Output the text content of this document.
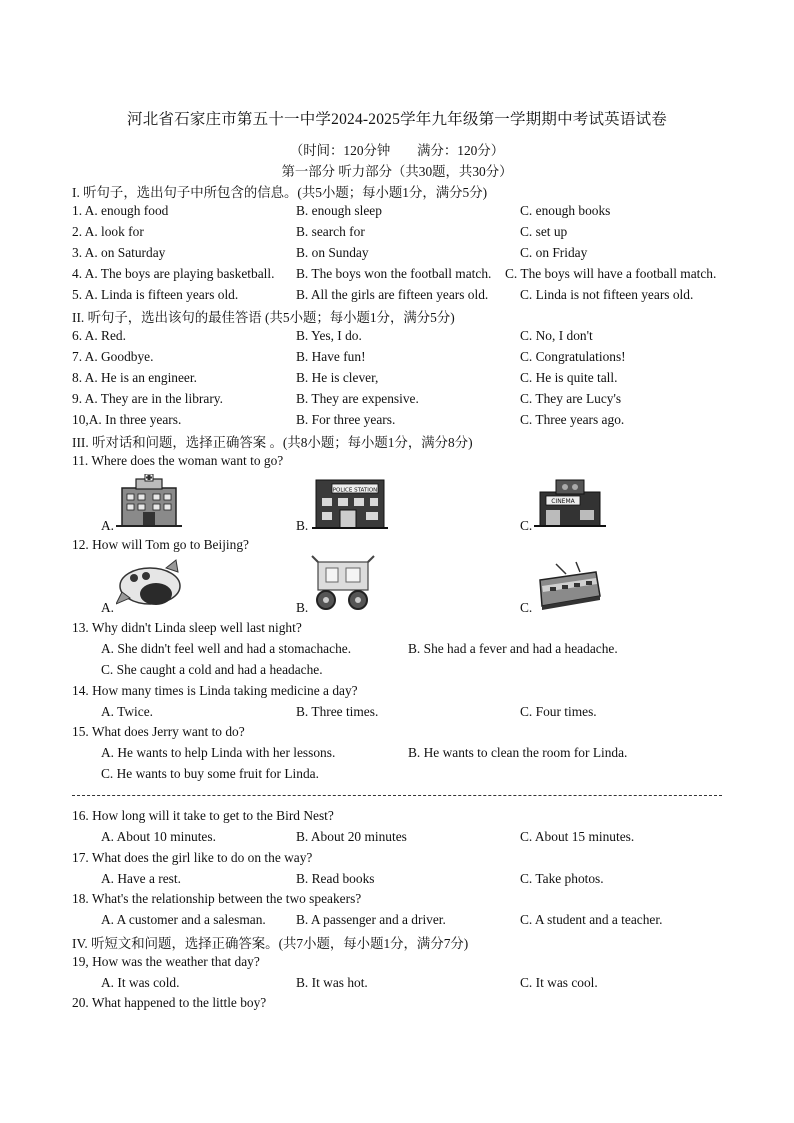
河北省石家庄市第五十一中学2024-2025学年九年级第一学期期中考试英语试卷
（时间：120分钟　　满分：120分）
第一部分 听力部分（共30题，共30分）
I. 听句子，选出句子中所包含的信息。(共5小题；每小题1分，满分5分)
1. A. enough food	B. enough sleep	C. enough books
2. A. look for	B. search for	C. set up
3. A. on Saturday	B. on Sunday	C. on Friday
4. A. The boys are playing basketball. B. The boys won the football match. C. The boys will have a football match.
5. A. Linda is fifteen years old.	B. All the girls are fifteen years old. C. Linda is not fifteen years old.
II. 听句子，选出该句的最佳答语 (共5小题；每小题1分，满分5分)
6. A. Red.	B. Yes, I do.	C. No, I don't
7. A. Goodbye.	B. Have fun!	C. Congratulations!
8. A. He is an engineer.	B. He is clever,	C. He is quite tall.
9. A. They are in the library.	B. They are expensive.	C. They are Lucy's
10,A. In three years.	B. For three years.	C. Three years ago.
III. 听对话和问题，选择正确答案 。(共8小题；每小题1分，满分8分)
11. Where does the woman want to go?
A.	B.
POLICE STATION
C.
CINEMA
12. How will Tom go to Beijing?
A.	B.	C.
13. Why didn't Linda sleep well last night?
A. She didn't feel well and had a stomachache.	B. She had a fever and had a headache.
C. She caught a cold and had a headache.
14. How many times is Linda taking medicine a day?
A. Twice.	B. Three times.	C. Four times.
15. What does Jerry want to do?
A. He wants to help Linda with her lessons.	B. He wants to clean the room for Linda.
C. He wants to buy some fruit for Linda.
16. How long will it take to get to the Bird Nest?
A. About 10 minutes.	B. About 20 minutes	C. About 15 minutes.
17. What does the girl like to do on the way?
A. Have a rest.	B. Read books	C. Take photos.
18. What's the relationship between the two speakers?
A. A customer and a salesman. B. A passenger and a driver.	C. A student and a teacher.
IV. 听短文和问题，选择正确答案。(共7小题，每小题1分，满分7分)
19, How was the weather that day?
A. It was cold.	B. It was hot.	C. It was cool.
20. What happened to the little boy?
